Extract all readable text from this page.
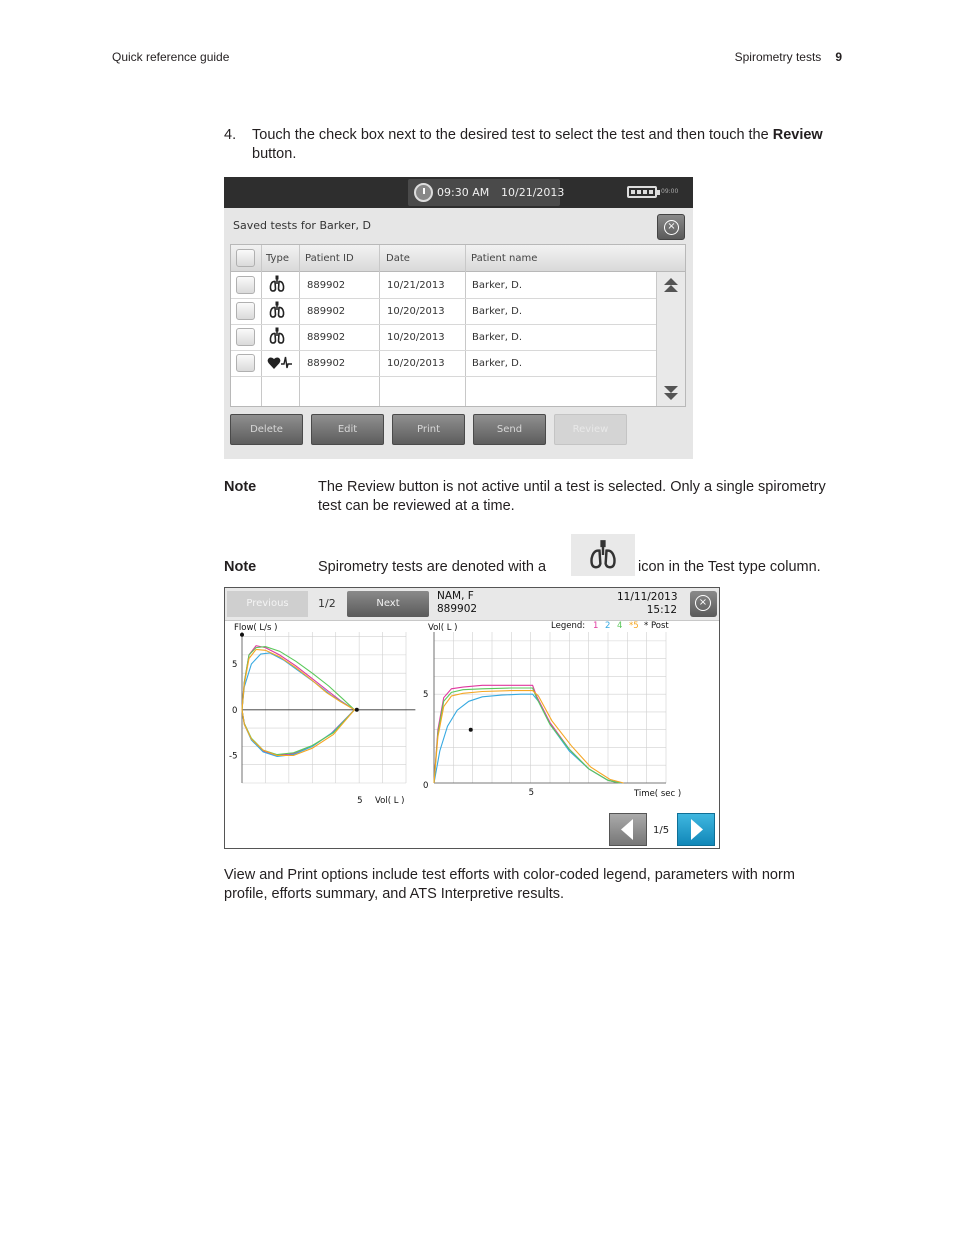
Quick reference guide	Spirometry tests 9
4. Touch the check box next to the desired test to select the test and then touch the Review button.
09:30 AM 10/21/2013	09:00
Saved tests for Barker, D	×
Type Patient ID	Date	Patient name
889902	10/21/2013	Barker, D.
889902	10/20/2013	Barker, D.
889902	10/20/2013	Barker, D.
889902	10/20/2013	Barker, D.
Delete	Edit	Print	Send	Review
Note	The Review button is not active until a test is selected. Only a single spirometry test can be reviewed at a time.
Note	Spirometry tests are denoted with a	icon in the Test type column.
Previous	1/2	Next
NAM, F
889902
11/11/2013
15:12
×
Flow( L/s )
5
0
-5
5 Vol( L )
Vol( L )
5
0
5	Time( sec )
Legend: 1 2 4 *5 * Post
1/5
View and Print options include test efforts with color-coded legend, parameters with norm profile, efforts summary, and ATS Interpretive results.
